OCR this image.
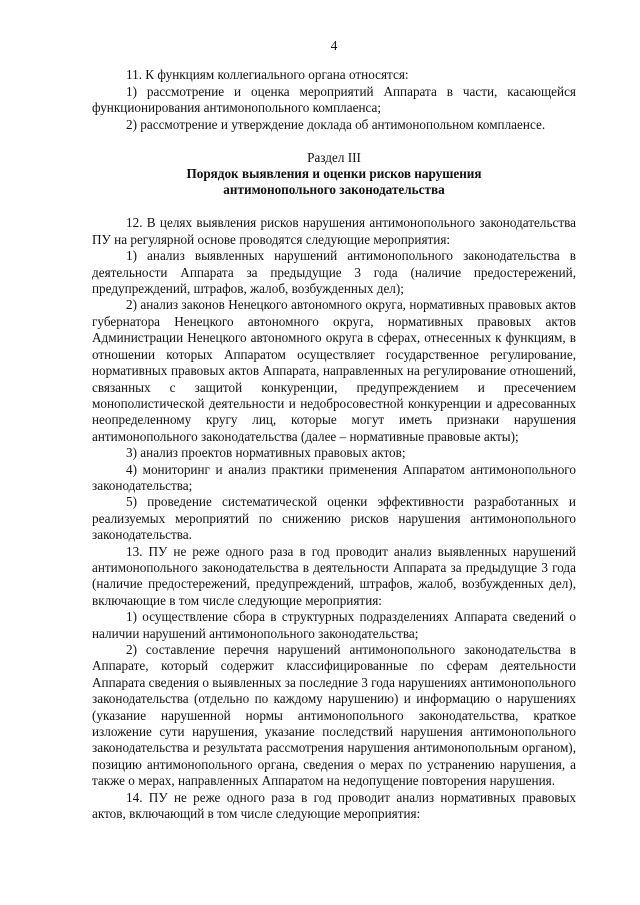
4

11. К функциям коллегиального органа относятся:

1) рассмотрение и оценка мероприятий Аппарата в части, касающейся функционирования антимонопольного комплаенса;

2) рассмотрение и утверждение доклада об антимонопольном комплаенсе.

Раздел III

Порядок выявления и оценки рисков нарушения
антимонопольного законодательства

12. В целях выявления рисков нарушения антимонопольного законодательства ПУ на регулярной основе проводятся следующие мероприятия:

1) анализ выявленных нарушений антимонопольного законодательства в деятельности Аппарата за предыдущие 3 года (наличие предостережений, предупреждений, штрафов, жалоб, возбужденных дел);

2) анализ законов Ненецкого автономного округа, нормативных правовых актов губернатора Ненецкого автономного округа, нормативных правовых актов Администрации Ненецкого автономного округа в сферах, отнесенных к функциям, в отношении которых Аппаратом осуществляет государственное регулирование, нормативных правовых актов Аппарата, направленных на регулирование отношений, связанных с защитой конкуренции, предупреждением и пресечением монополистической деятельности и недобросовестной конкуренции и адресованных неопределенному кругу лиц, которые могут иметь признаки нарушения антимонопольного законодательства (далее – нормативные правовые акты);

3) анализ проектов нормативных правовых актов;

4) мониторинг и анализ практики применения Аппаратом антимонопольного законодательства;

5) проведение систематической оценки эффективности разработанных и реализуемых мероприятий по снижению рисков нарушения антимонопольного законодательства.

13. ПУ не реже одного раза в год проводит анализ выявленных нарушений антимонопольного законодательства в деятельности Аппарата за предыдущие 3 года (наличие предостережений, предупреждений, штрафов, жалоб, возбужденных дел), включающие в том числе следующие мероприятия:

1) осуществление сбора в структурных подразделениях Аппарата сведений о наличии нарушений антимонопольного законодательства;

2) составление перечня нарушений антимонопольного законодательства в Аппарате, который содержит классифицированные по сферам деятельности Аппарата сведения о выявленных за последние 3 года нарушениях антимонопольного законодательства (отдельно по каждому нарушению) и информацию о нарушениях (указание нарушенной нормы антимонопольного законодательства, краткое изложение сути нарушения, указание последствий нарушения антимонопольного законодательства и результата рассмотрения нарушения антимонопольным органом), позицию антимонопольного органа, сведения о мерах по устранению нарушения, а также о мерах, направленных Аппаратом на недопущение повторения нарушения.

14. ПУ не реже одного раза в год проводит анализ нормативных правовых актов, включающий в том числе следующие мероприятия:
